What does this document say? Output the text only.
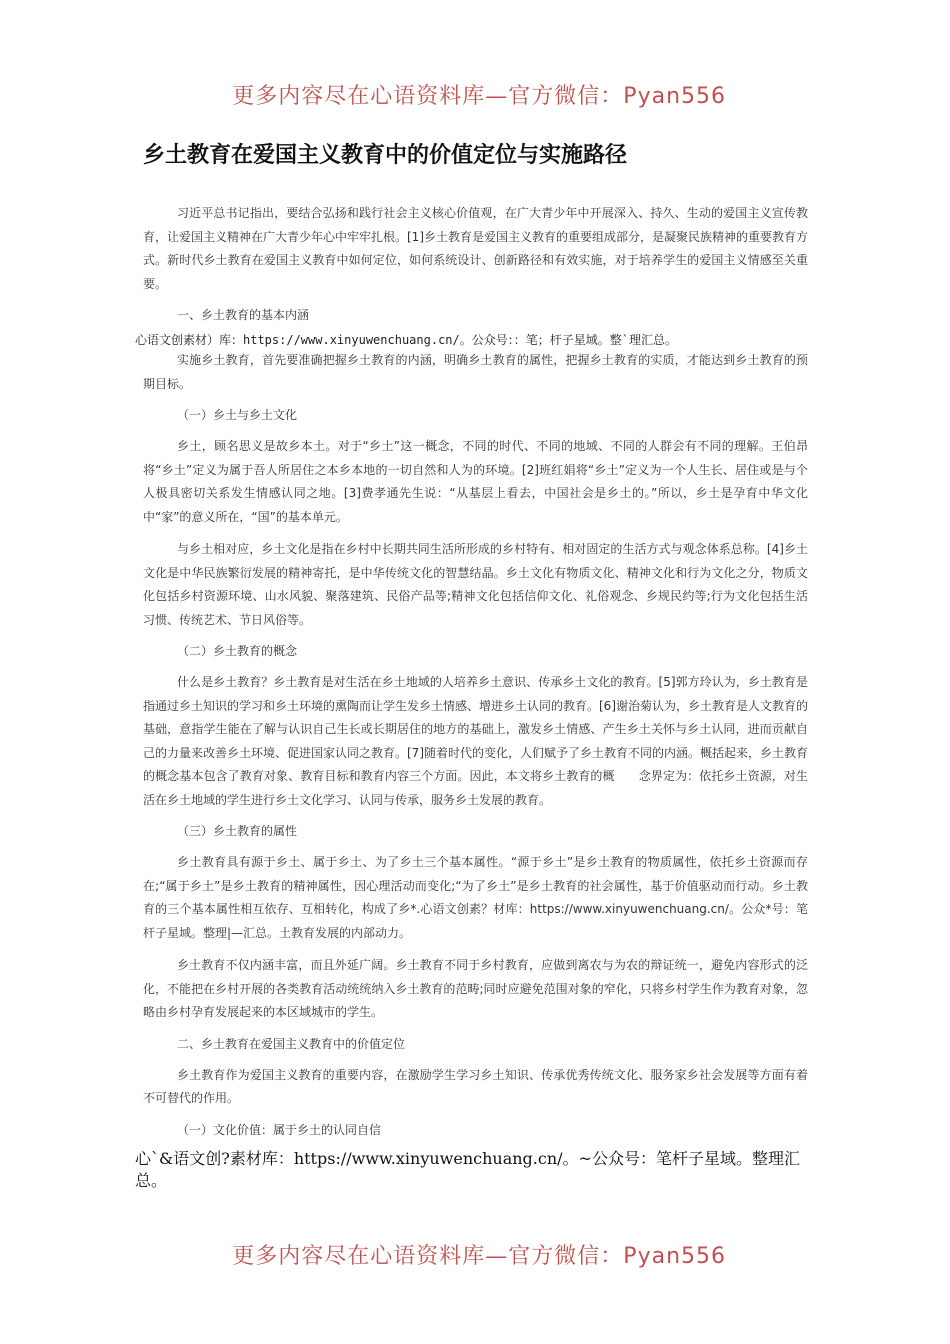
更多内容尽在心语资料库—官方微信：Pyan556
乡土教育在爱国主义教育中的价值定位与实施路径

习近平总书记指出，要结合弘扬和践行社会主义核心价值观，在广大青少年中开展深入、持久、生动的爱国主义宣传教育，让爱国主义精神在广大青少年心中牢牢扎根。[1]乡土教育是爱国主义教育的重要组成部分，是凝聚民族精神的重要教育方式。新时代乡土教育在爱国主义教育中如何定位，如何系统设计、创新路径和有效实施，对于培养学生的爱国主义情感至关重要。

一、乡土教育的基本内涵
心语文创素材）库：https://www.xinyuwenchuang.cn/。公众号：：笔；杆子星域。整`理汇总。

实施乡土教育，首先要准确把握乡土教育的内涵，明确乡土教育的属性，把握乡土教育的实质，才能达到乡土教育的预期目标。

（一）乡土与乡土文化

乡土，顾名思义是故乡本土。对于“乡土”这一概念，不同的时代、不同的地域、不同的人群会有不同的理解。王伯昂将“乡土”定义为属于吾人所居住之本乡本地的一切自然和人为的环境。[2]班红娟将“乡土”定义为一个人生长、居住或是与个人极具密切关系发生情感认同之地。[3]费孝通先生说：“从基层上看去，中国社会是乡土的。”所以，乡土是孕育中华文化中“家”的意义所在，“国”的基本单元。

与乡土相对应，乡土文化是指在乡村中长期共同生活所形成的乡村特有、相对固定的生活方式与观念体系总称。[4]乡土文化是中华民族繁衍发展的精神寄托，是中华传统文化的智慧结晶。乡土文化有物质文化、精神文化和行为文化之分，物质文化包括乡村资源环境、山水风貌、聚落建筑、民俗产品等;精神文化包括信仰文化、礼俗观念、乡规民约等;行为文化包括生活习惯、传统艺术、节日风俗等。

（二）乡土教育的概念

什么是乡土教育？乡土教育是对生活在乡土地域的人培养乡土意识、传承乡土文化的教育。[5]郭方玲认为，乡土教育是指通过乡土知识的学习和乡土环境的熏陶而让学生发乡土情感、增进乡土认同的教育。[6]谢治菊认为，乡土教育是人文教育的基础，意指学生能在了解与认识自己生长或长期居住的地方的基础上，激发乡土情感、产生乡土关怀与乡土认同，进而贡献自己的力量来改善乡土环境、促进国家认同之教育。[7]随着时代的变化，人们赋予了乡土教育不同的内涵。概括起来，乡土教育的概念基本包含了教育对象、教育目标和教育内容三个方面。因此，本文将乡土教育的概　　念界定为：依托乡土资源，对生活在乡土地域的学生进行乡土文化学习、认同与传承，服务乡土发展的教育。

（三）乡土教育的属性

乡土教育具有源于乡土、属于乡土、为了乡土三个基本属性。“源于乡土”是乡土教育的物质属性，依托乡土资源而存在;“属于乡土”是乡土教育的精神属性，因心理活动而变化;“为了乡土”是乡土教育的社会属性，基于价值驱动而行动。乡土教育的三个基本属性相互依存、互相转化，构成了乡*.心语文创素？材库：https://www.xinyuwenchuang.cn/。公众*号：笔杆子星域。整理|—汇总。土教育发展的内部动力。

乡土教育不仅内涵丰富，而且外延广阔。乡土教育不同于乡村教育，应做到离农与为农的辩证统一，避免内容形式的泛化，不能把在乡村开展的各类教育活动统统纳入乡土教育的范畴;同时应避免范围对象的窄化，只将乡村学生作为教育对象，忽略由乡村孕育发展起来的本区域城市的学生。

二、乡土教育在爱国主义教育中的价值定位

乡土教育作为爱国主义教育的重要内容，在激励学生学习乡土知识、传承优秀传统文化、服务家乡社会发展等方面有着不可替代的作用。

（一）文化价值：属于乡土的认同自信

心`&语文创?素材库：https://www.xinyuwenchuang.cn/。~公众号：笔杆子星域。整理汇总。

更多内容尽在心语资料库—官方微信：Pyan556
